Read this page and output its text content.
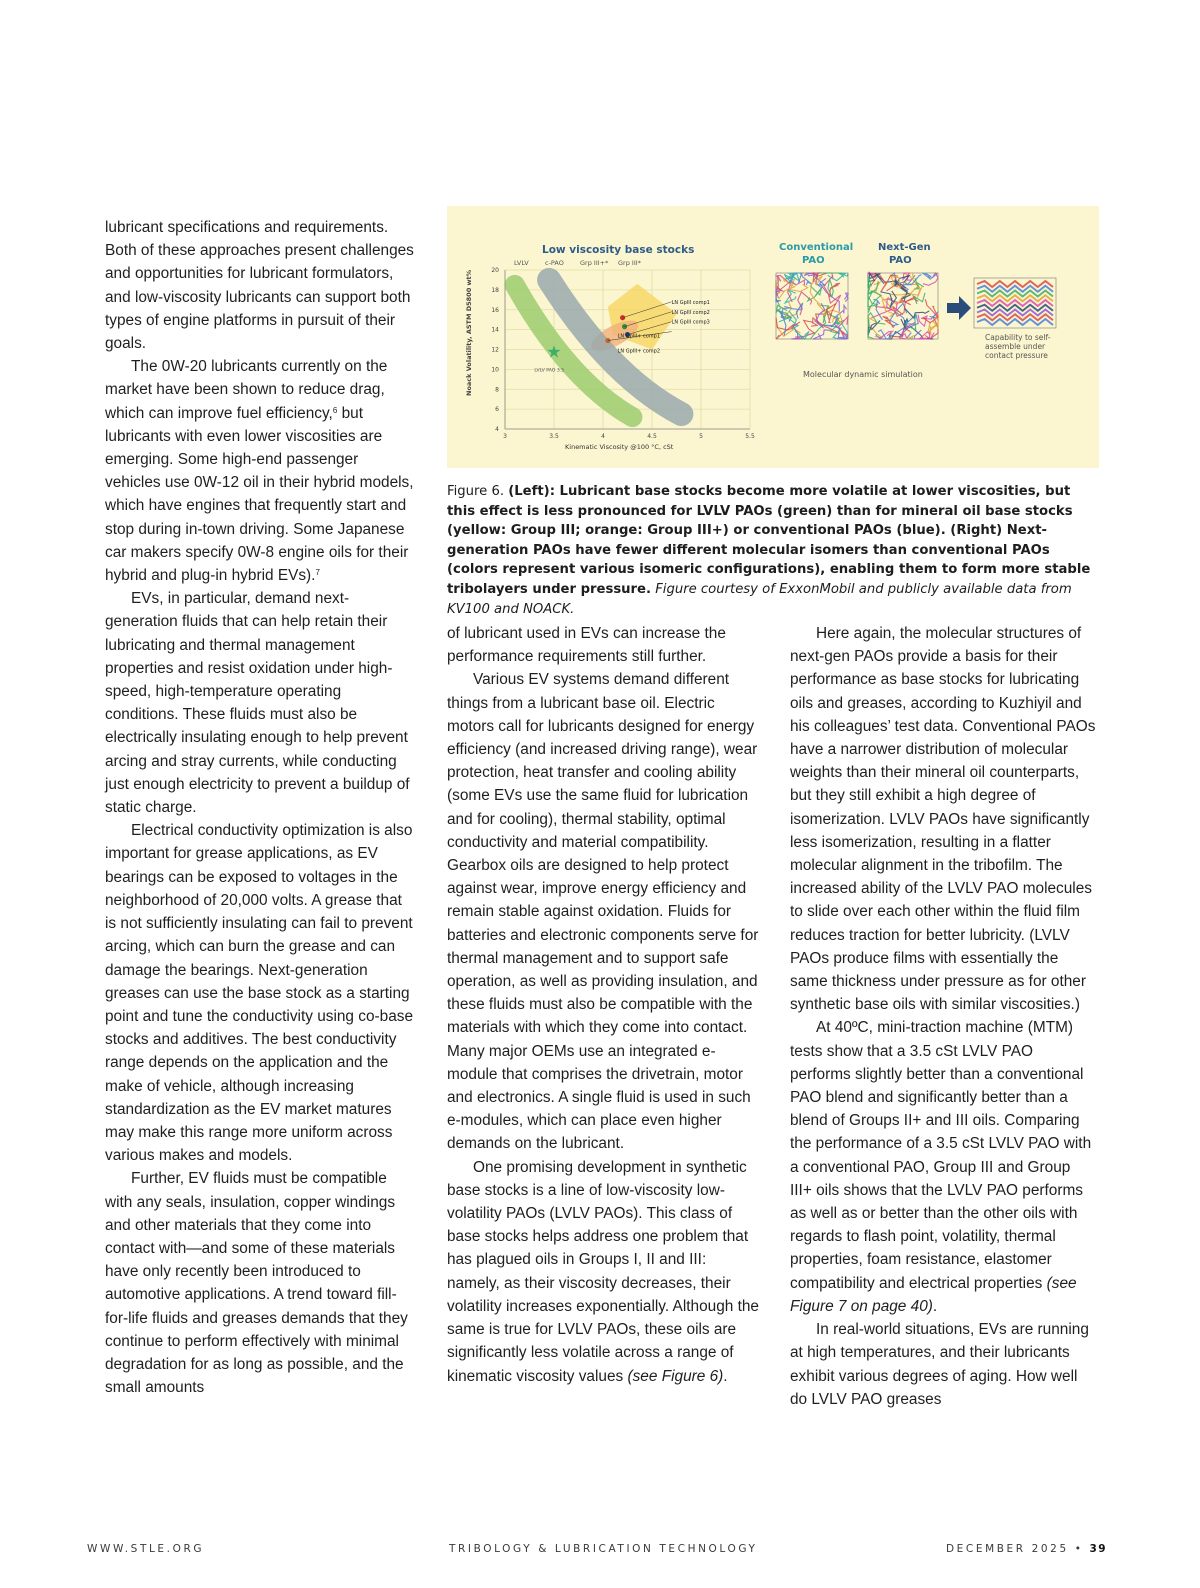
Low viscosity base stocks
LVLV	c-PAO Grp III+* Grp III*
4
6
8
10
12
14
16
18
20
3	3.5	4	4.5	5	5.5
★
LVLV PAO 3.5
LN GpIII comp1
LN GpIII comp2
LN GpIII comp3
LN GpIII+ comp1
LN GpIII+ comp2
Noack Volatility, ASTM D5800 wt%
Kinematic Viscosity @100 °C, cSt
Conventional
PAO
Next-Gen
PAO
Capability to self-
assemble under
contact pressure
Molecular dynamic simulation
Figure 6. (Left): Lubricant base stocks become more volatile at lower viscosities, but this effect is less pronounced for LVLV PAOs (green) than for mineral oil base stocks (yellow: Group III; orange: Group III+) or conventional PAOs (blue). (Right) Next-generation PAOs have fewer different molecular isomers than conventional PAOs (colors represent various isomeric configurations), enabling them to form more stable tribolayers under pressure. Figure courtesy of ExxonMobil and publicly available data from KV100 and NOACK.

lubricant specifications and requirements. Both of these approaches present challenges and opportunities for lubricant formulators, and low-viscosity lubricants can support both types of engine platforms in pursuit of their goals.

The 0W-20 lubricants currently on the market have been shown to reduce drag, which can improve fuel efficiency,$^6$ but lubricants with even lower viscosities are emerging. Some high-end passenger vehicles use 0W-12 oil in their hybrid models, which have engines that frequently start and stop during in-town driving. Some Japanese car makers specify 0W-8 engine oils for their hybrid and plug-in hybrid EVs).$^7$

EVs, in particular, demand next-generation fluids that can help retain their lubricating and thermal management properties and resist oxidation under high-speed, high-temperature operating conditions. These fluids must also be electrically insulating enough to help prevent arcing and stray currents, while conducting just enough electricity to prevent a buildup of static charge.

Electrical conductivity optimization is also important for grease applications, as EV bearings can be exposed to voltages in the neighborhood of 20,000 volts. A grease that is not sufficiently insulating can fail to prevent arcing, which can burn the grease and can damage the bearings. Next-generation greases can use the base stock as a starting point and tune the conductivity using co-base stocks and additives. The best conductivity range depends on the application and the make of vehicle, although increasing standardization as the EV market matures may make this range more uniform across various makes and models.

Further, EV fluids must be compatible with any seals, insulation, copper windings and other materials that they come into contact with—and some of these materials have only recently been introduced to automotive applications. A trend toward fill-for-life fluids and greases demands that they continue to perform effectively with minimal degradation for as long as possible, and the small amounts

of lubricant used in EVs can increase the performance requirements still further.

Various EV systems demand different things from a lubricant base oil. Electric motors call for lubricants designed for energy efficiency (and increased driving range), wear protection, heat transfer and cooling ability (some EVs use the same fluid for lubrication and for cooling), thermal stability, optimal conductivity and material compatibility. Gearbox oils are designed to help protect against wear, improve energy efficiency and remain stable against oxidation. Fluids for batteries and electronic components serve for thermal management and to support safe operation, as well as providing insulation, and these fluids must also be compatible with the materials with which they come into contact. Many major OEMs use an integrated e-module that comprises the drivetrain, motor and electronics. A single fluid is used in such e-modules, which can place even higher demands on the lubricant.

One promising development in synthetic base stocks is a line of low-viscosity low-volatility PAOs (LVLV PAOs). This class of base stocks helps address one problem that has plagued oils in Groups I, II and III: namely, as their viscosity decreases, their volatility increases exponentially. Although the same is true for LVLV PAOs, these oils are significantly less volatile across a range of kinematic viscosity values (see Figure 6).

Here again, the molecular structures of next-gen PAOs provide a basis for their performance as base stocks for lubricating oils and greases, according to Kuzhiyil and his colleagues’ test data. Conventional PAOs have a narrower distribution of molecular weights than their mineral oil counterparts, but they still exhibit a high degree of isomerization. LVLV PAOs have significantly less isomerization, resulting in a flatter molecular alignment in the tribofilm. The increased ability of the LVLV PAO molecules to slide over each other within the fluid film reduces traction for better lubricity. (LVLV PAOs produce films with essentially the same thickness under pressure as for other synthetic base oils with similar viscosities.)

At 40ºC, mini-traction machine (MTM) tests show that a 3.5 cSt LVLV PAO performs slightly better than a conventional PAO blend and significantly better than a blend of Groups II+ and III oils. Comparing the performance of a 3.5 cSt LVLV PAO with a conventional PAO, Group III and Group III+ oils shows that the LVLV PAO performs as well as or better than the other oils with regards to flash point, volatility, thermal properties, foam resistance, elastomer compatibility and electrical properties (see Figure 7 on page 40).

In real-world situations, EVs are running at high temperatures, and their lubricants exhibit various degrees of aging. How well do LVLV PAO greases

WWW.STLE.ORG	TRIBOLOGY & LUBRICATION TECHNOLOGY	DECEMBER 2025 • 39
